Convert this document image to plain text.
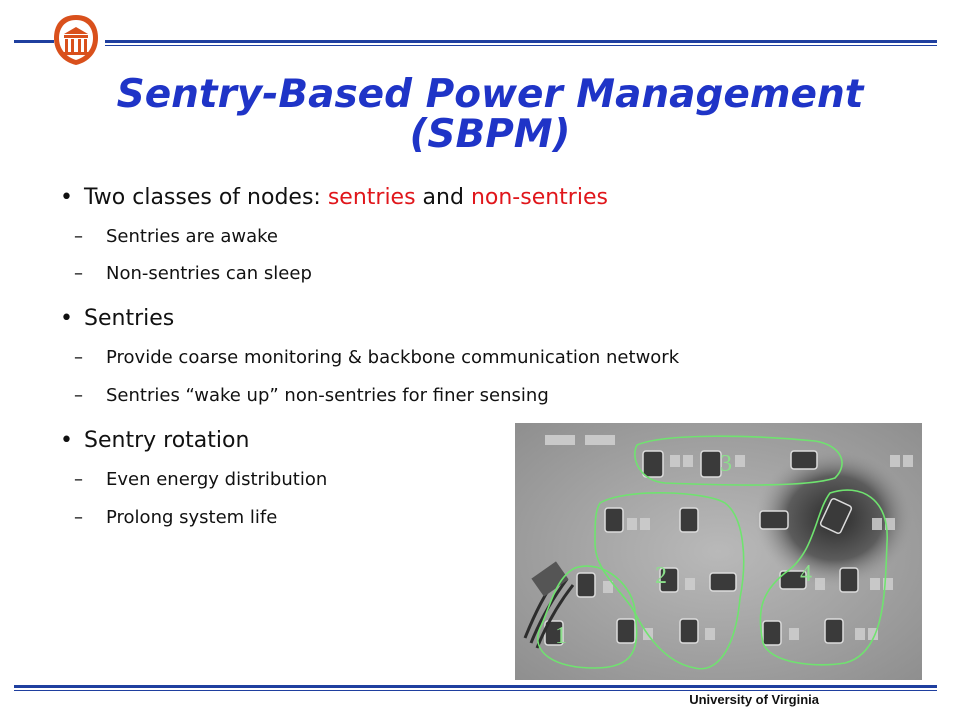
Sentry-Based Power Management (SBPM)
• Two classes of nodes: sentries and non-sentries
– Sentries are awake
– Non-sentries can sleep
• Sentries
– Provide coarse monitoring & backbone communication network
– Sentries “wake up” non-sentries for finer sensing
• Sentry rotation
– Even energy distribution
– Prolong system life
3
2	4
1
University of Virginia
